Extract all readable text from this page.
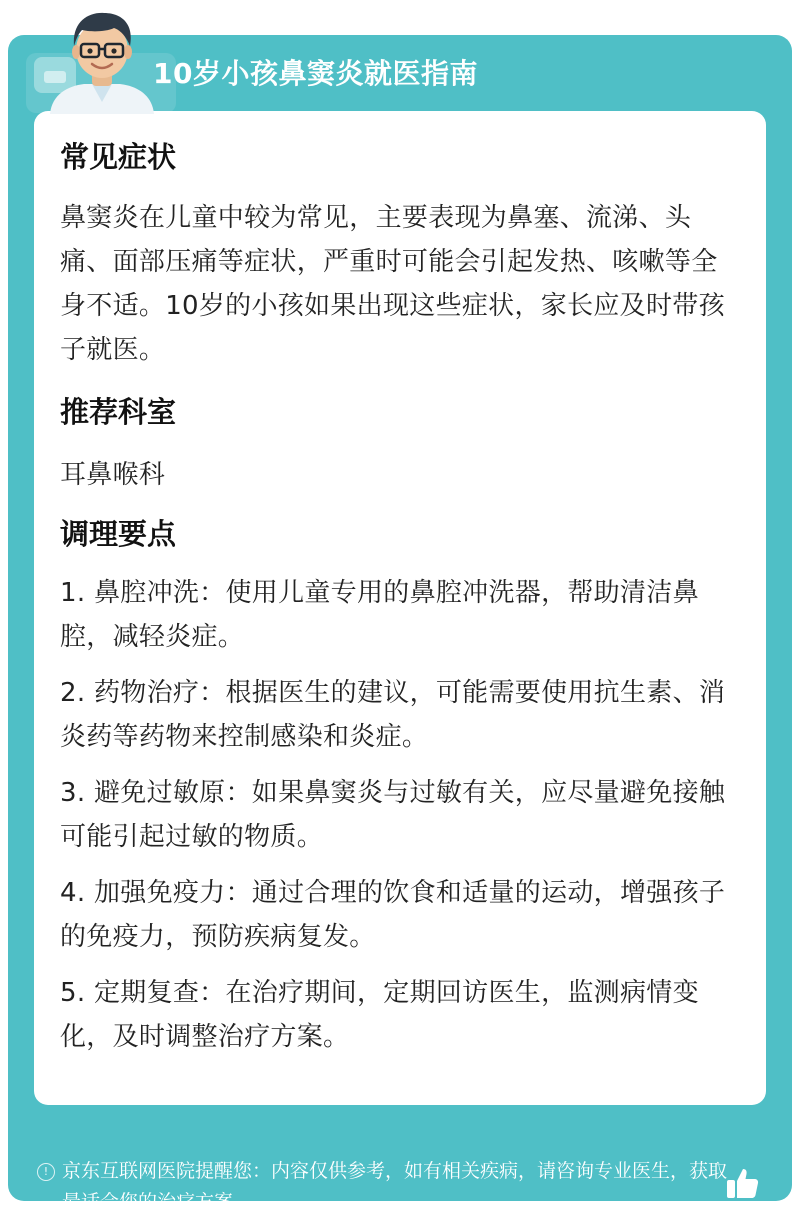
10岁小孩鼻窦炎就医指南
! 京东互联网医院提醒您：内容仅供参考，如有相关疾病，请咨询专业医生，获取最适合您的治疗方案
常见症状

鼻窦炎在儿童中较为常见，主要表现为鼻塞、流涕、头痛、面部压痛等症状，严重时可能会引起发热、咳嗽等全身不适。10岁的小孩如果出现这些症状，家长应及时带孩子就医。

推荐科室

耳鼻喉科

调理要点
1. 鼻腔冲洗：使用儿童专用的鼻腔冲洗器，帮助清洁鼻腔，减轻炎症。
2. 药物治疗：根据医生的建议，可能需要使用抗生素、消炎药等药物来控制感染和炎症。
3. 避免过敏原：如果鼻窦炎与过敏有关，应尽量避免接触可能引起过敏的物质。
4. 加强免疫力：通过合理的饮食和适量的运动，增强孩子的免疫力，预防疾病复发。
5. 定期复查：在治疗期间，定期回访医生，监测病情变化，及时调整治疗方案。
